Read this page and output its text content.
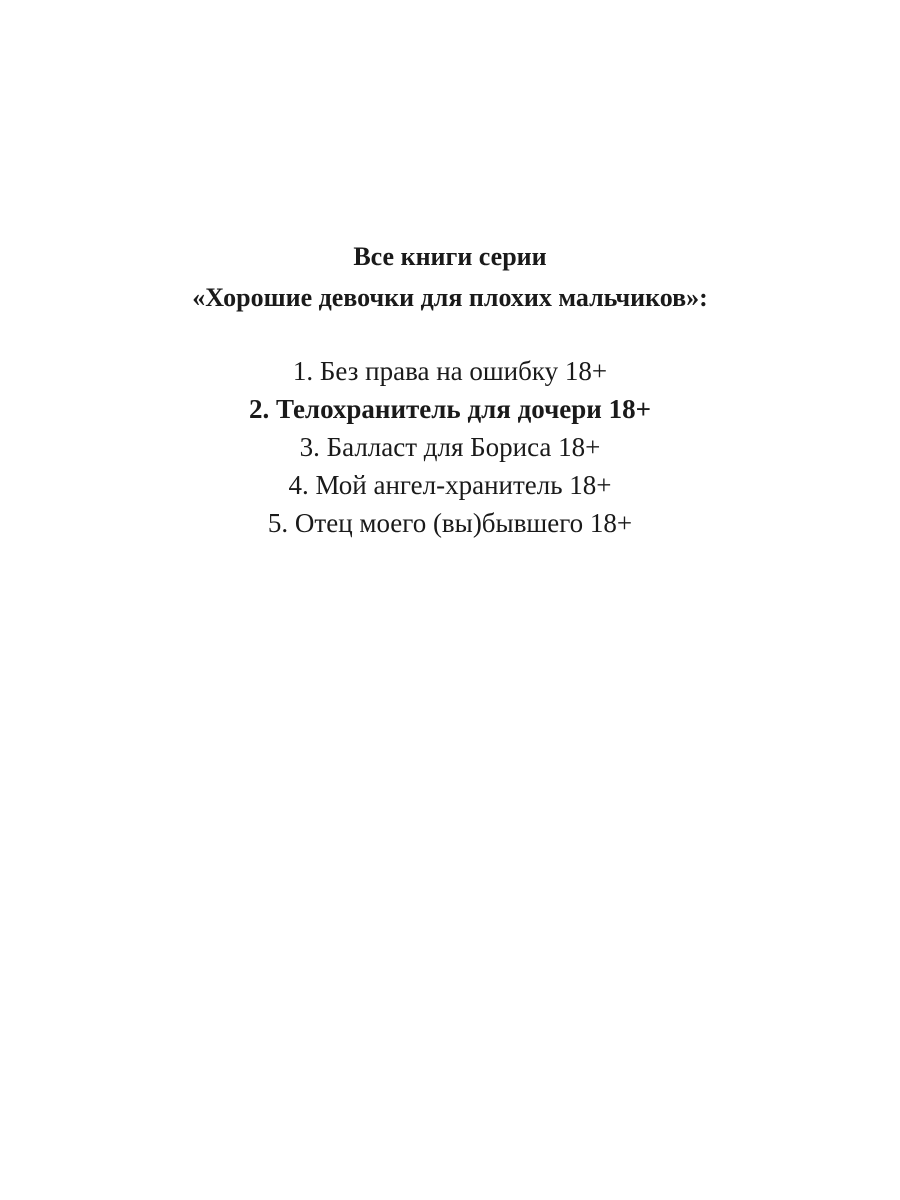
Все книги серии
«Хорошие девочки для плохих мальчиков»:
1. Без права на ошибку 18+
2. Телохранитель для дочери 18+
3. Балласт для Бориса 18+
4. Мой ангел-хранитель 18+
5. Отец моего (вы)бывшего 18+
